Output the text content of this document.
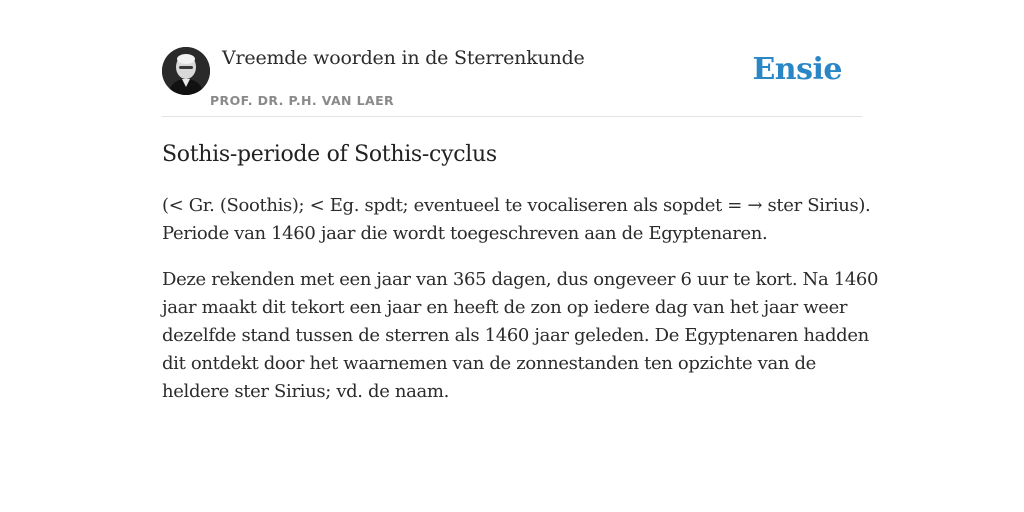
Vreemde woorden in de Sterrenkunde
PROF. DR. P.H. VAN LAER
Ensie
Sothis-periode of Sothis-cyclus

(< Gr. (Soothis); < Eg. spdt; eventueel te vocaliseren als sopdet = → ster Sirius).
Periode van 1460 jaar die wordt toegeschreven aan de Egyptenaren.

Deze rekenden met een jaar van 365 dagen, dus ongeveer 6 uur te kort. Na 1460
jaar maakt dit tekort een jaar en heeft de zon op iedere dag van het jaar weer
dezelfde stand tussen de sterren als 1460 jaar geleden. De Egyptenaren hadden
dit ontdekt door het waarnemen van de zonnestanden ten opzichte van de
heldere ster Sirius; vd. de naam.
